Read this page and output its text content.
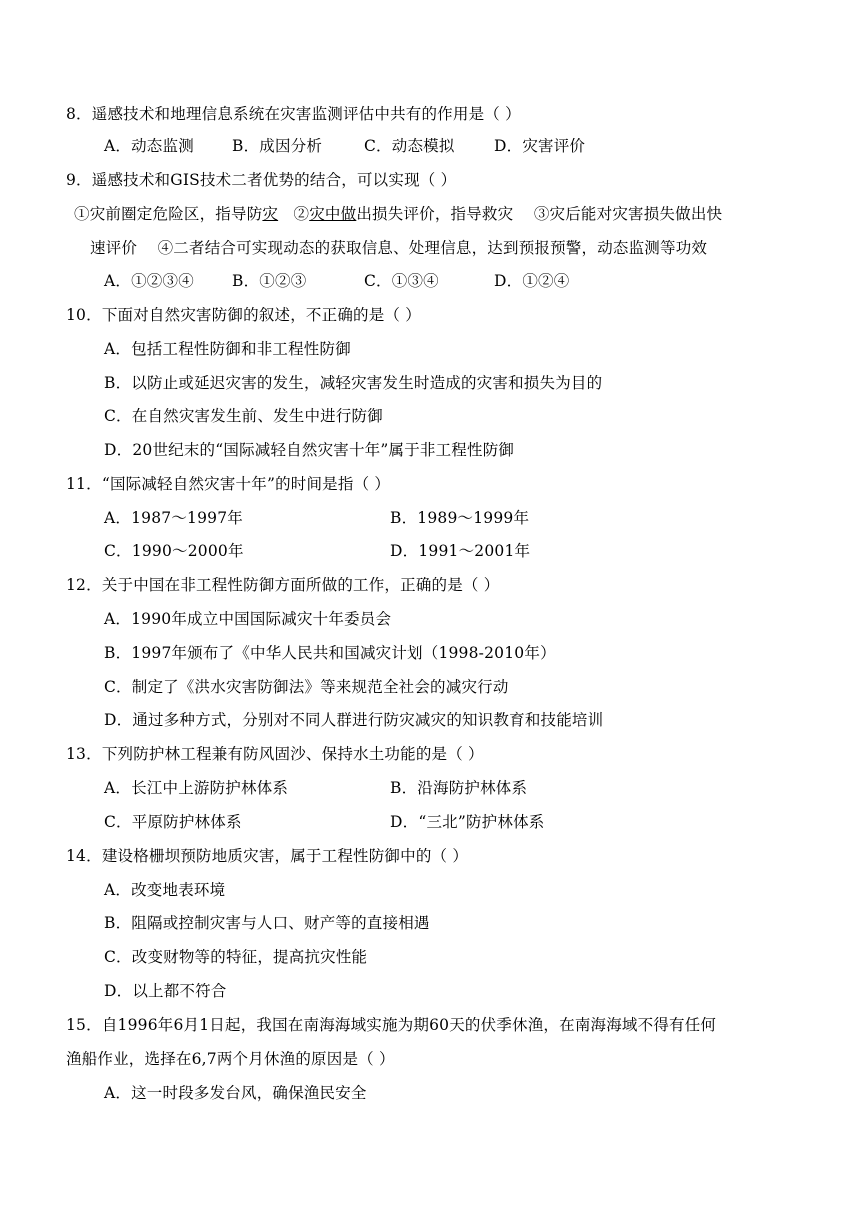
8．遥感技术和地理信息系统在灾害监测评估中共有的作用是（ ）
A．动态监测 B．成因分析	C．动态模拟	D．灾害评价
9．遥感技术和GIS技术二者优势的结合，可以实现（ ）
①灾前圈定危险区，指导防灾   ②灾中做出损失评价，指导救灾    ③灾后能对灾害损失做出快
速评价    ④二者结合可实现动态的获取信息、处理信息，达到预报预警，动态监测等功效
A．①②③④ B．①②③	C．①③④	D．①②④
10．下面对自然灾害防御的叙述，不正确的是（ ）
A．包括工程性防御和非工程性防御
B．以防止或延迟灾害的发生，减轻灾害发生时造成的灾害和损失为目的
C．在自然灾害发生前、发生中进行防御
D．20世纪末的“国际减轻自然灾害十年”属于非工程性防御
11．“国际减轻自然灾害十年”的时间是指（ ）
A．1987～1997年	B．1989～1999年
C．1990～2000年	D．1991～2001年
12．关于中国在非工程性防御方面所做的工作，正确的是（ ）
A．1990年成立中国国际减灾十年委员会
B．1997年颁布了《中华人民共和国减灾计划（1998-2010年）
C．制定了《洪水灾害防御法》等来规范全社会的减灾行动
D．通过多种方式，分别对不同人群进行防灾减灾的知识教育和技能培训
13．下列防护林工程兼有防风固沙、保持水土功能的是（ ）
A．长江中上游防护林体系	B．沿海防护林体系
C．平原防护林体系	D．“三北”防护林体系
14．建设格栅坝预防地质灾害，属于工程性防御中的（ ）
A．改变地表环境
B．阻隔或控制灾害与人口、财产等的直接相遇
C．改变财物等的特征，提高抗灾性能
D．以上都不符合
15．自1996年6月1日起，我国在南海海域实施为期60天的伏季休渔，在南海海域不得有任何
渔船作业，选择在6,7两个月休渔的原因是（ ）
A．这一时段多发台风，确保渔民安全
